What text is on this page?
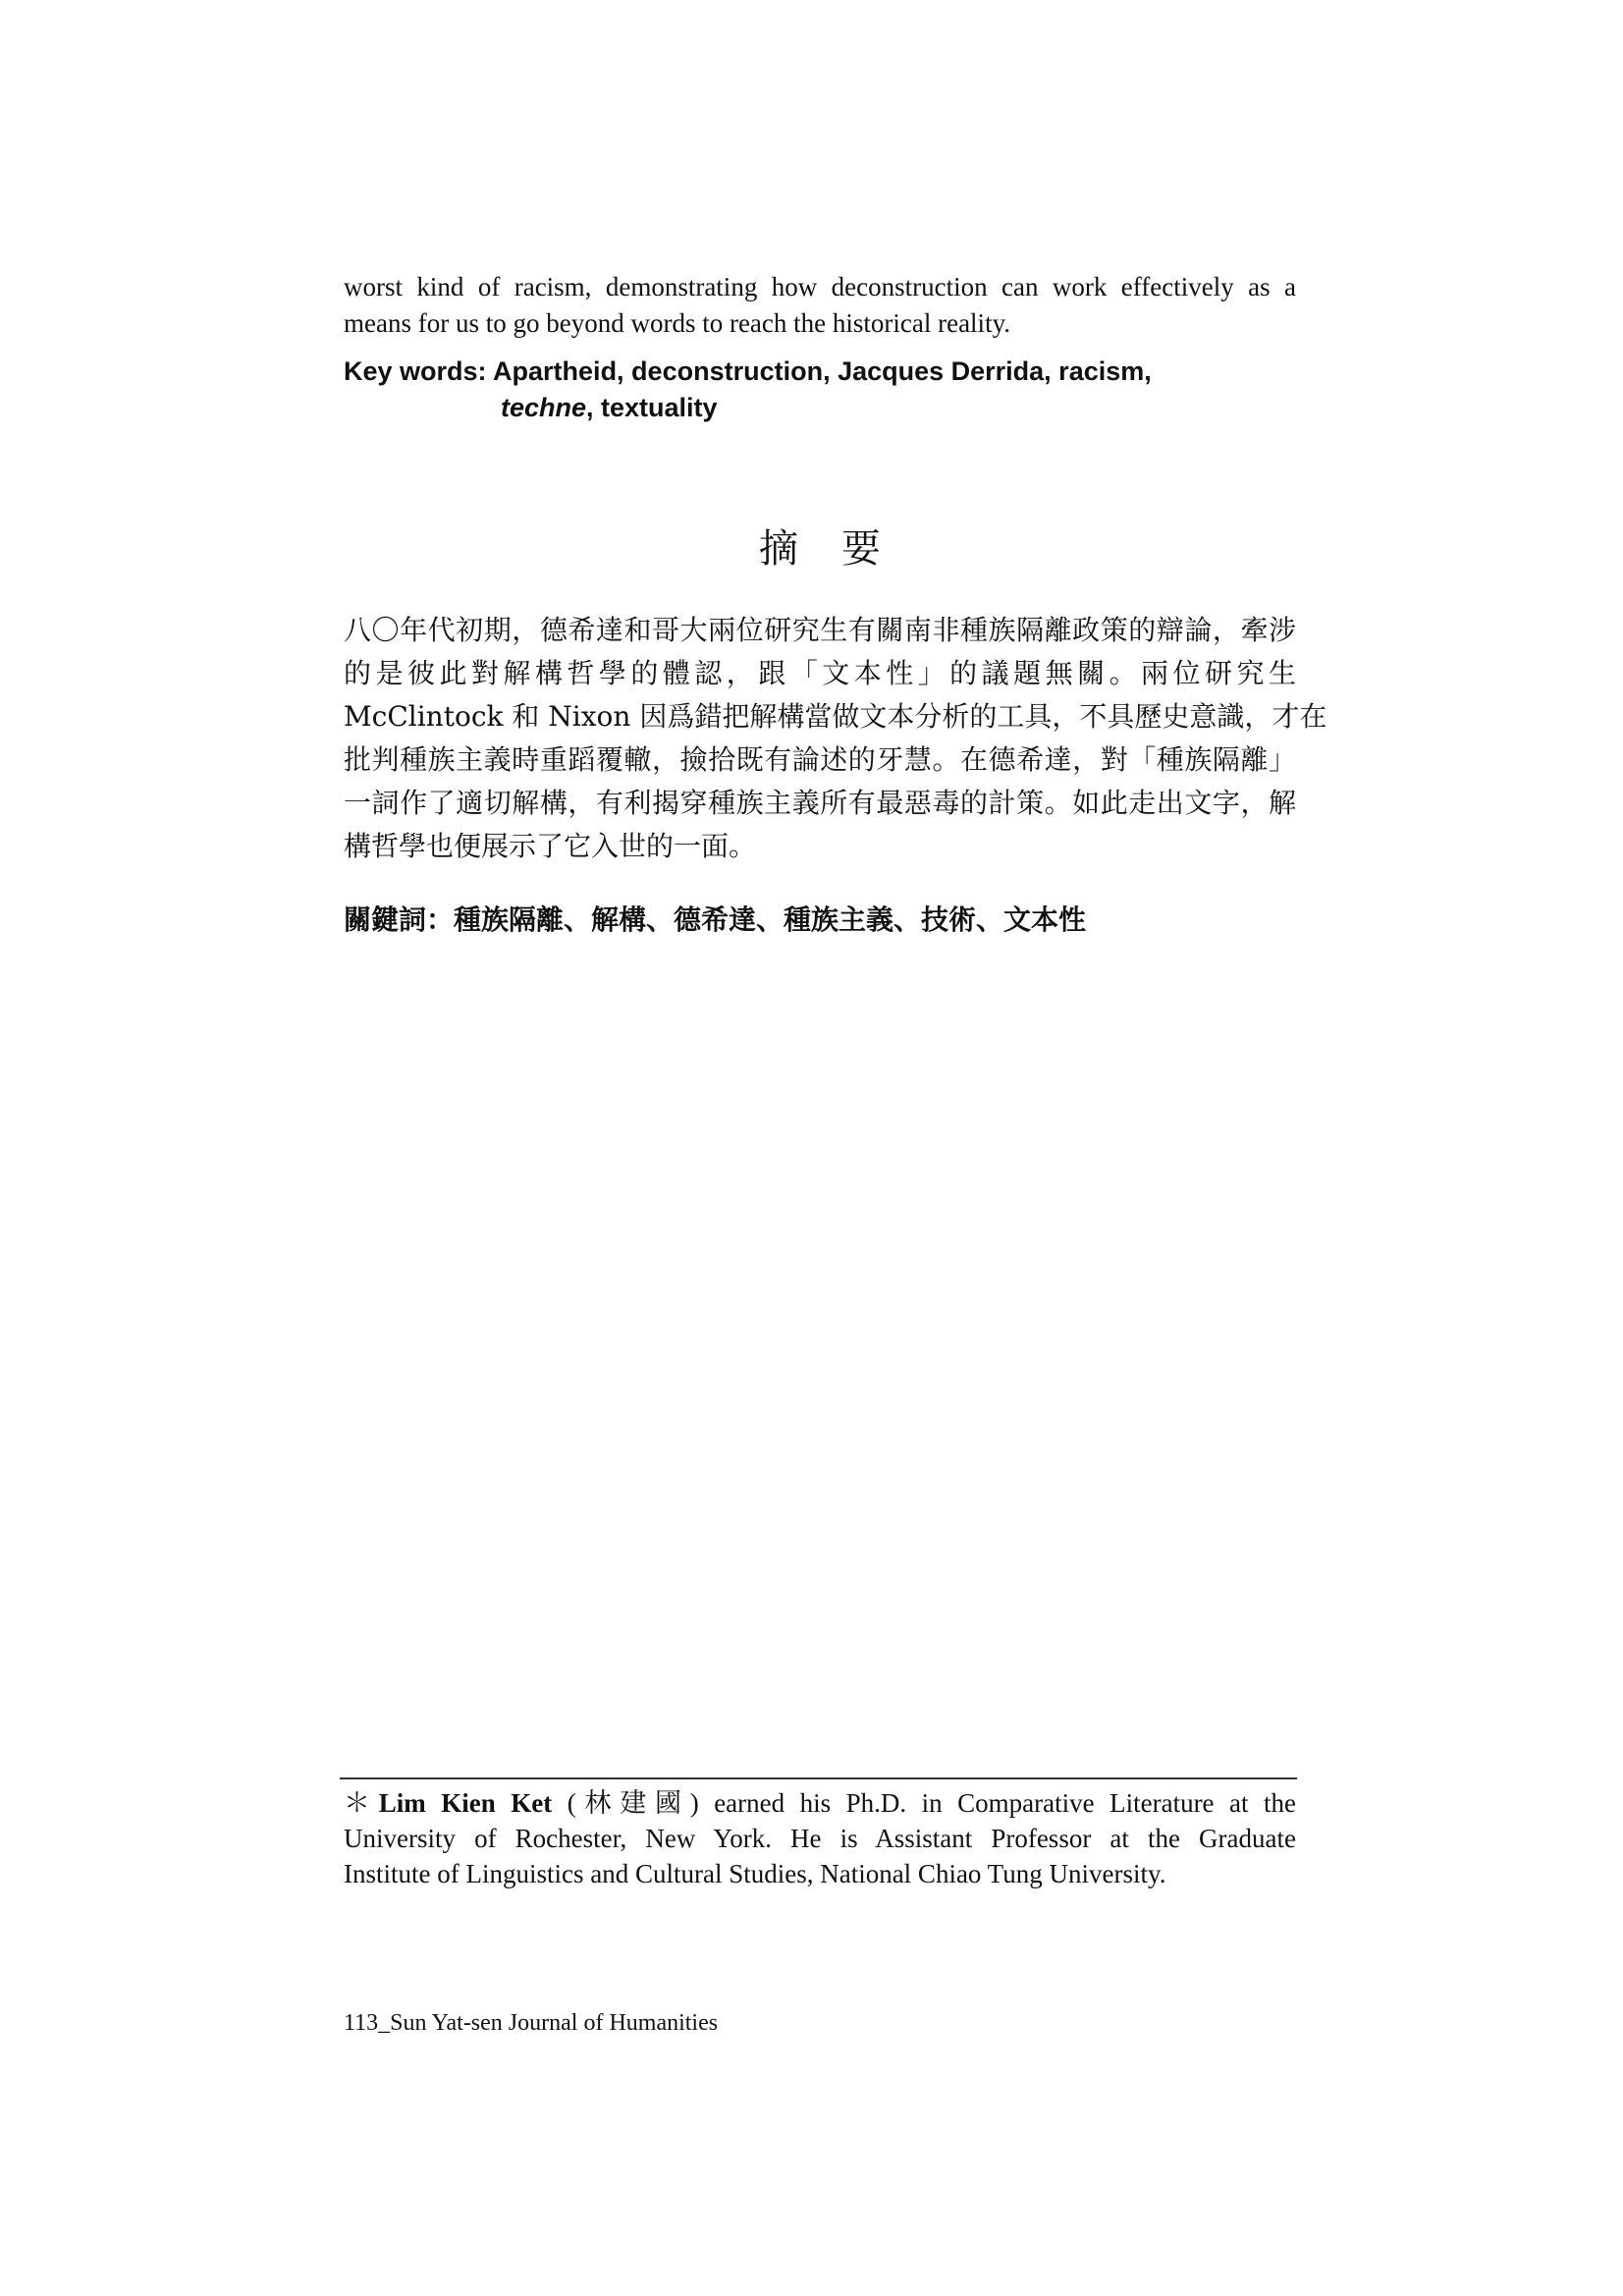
worst kind of racism, demonstrating how deconstruction can work effectively as a
means for us to go beyond words to reach the historical reality.
Key words: Apartheid, deconstruction, Jacques Derrida, racism,
techne, textuality
摘要
八〇年代初期，德希達和哥大兩位研究生有關南非種族隔離政策的辯論，牽涉
的是彼此對解構哲學的體認，跟「文本性」的議題無關。兩位研究生
McClintock 和 Nixon 因爲錯把解構當做文本分析的工具，不具歷史意識，才在
批判種族主義時重蹈覆轍，撿拾既有論述的牙慧。在德希達，對「種族隔離」
一詞作了適切解構，有利揭穿種族主義所有最惡毒的計策。如此走出文字，解
構哲學也便展示了它入世的一面。
關鍵詞：種族隔離、解構、德希達、種族主義、技術、文本性
＊Lim Kien Ket (林建國) earned his Ph.D. in Comparative Literature at the
University of Rochester, New York. He is Assistant Professor at the Graduate
Institute of Linguistics and Cultural Studies, National Chiao Tung University.
113_Sun Yat-sen Journal of Humanities
